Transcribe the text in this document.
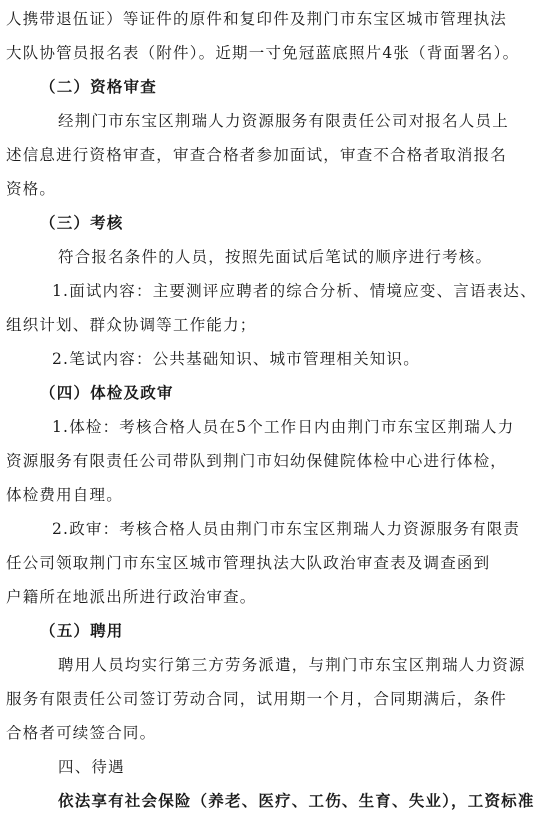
人携带退伍证）等证件的原件和复印件及荆门市东宝区城市管理执法
大队协管员报名表（附件）。近期一寸免冠蓝底照片4张（背面署名）。
（二）资格审查
经荆门市东宝区荆瑞人力资源服务有限责任公司对报名人员上
述信息进行资格审查，审查合格者参加面试，审查不合格者取消报名
资格。
（三）考核
符合报名条件的人员，按照先面试后笔试的顺序进行考核。
1.面试内容：主要测评应聘者的综合分析、情境应变、言语表达、
组织计划、群众协调等工作能力；
2.笔试内容：公共基础知识、城市管理相关知识。
（四）体检及政审
1.体检：考核合格人员在5个工作日内由荆门市东宝区荆瑞人力
资源服务有限责任公司带队到荆门市妇幼保健院体检中心进行体检，
体检费用自理。
2.政审：考核合格人员由荆门市东宝区荆瑞人力资源服务有限责
任公司领取荆门市东宝区城市管理执法大队政治审查表及调查函到
户籍所在地派出所进行政治审查。
（五）聘用
聘用人员均实行第三方劳务派遣，与荆门市东宝区荆瑞人力资源
服务有限责任公司签订劳动合同，试用期一个月，合同期满后，条件
合格者可续签合同。
四、待遇
依法享有社会保险（养老、医疗、工伤、生育、失业），工资标准
